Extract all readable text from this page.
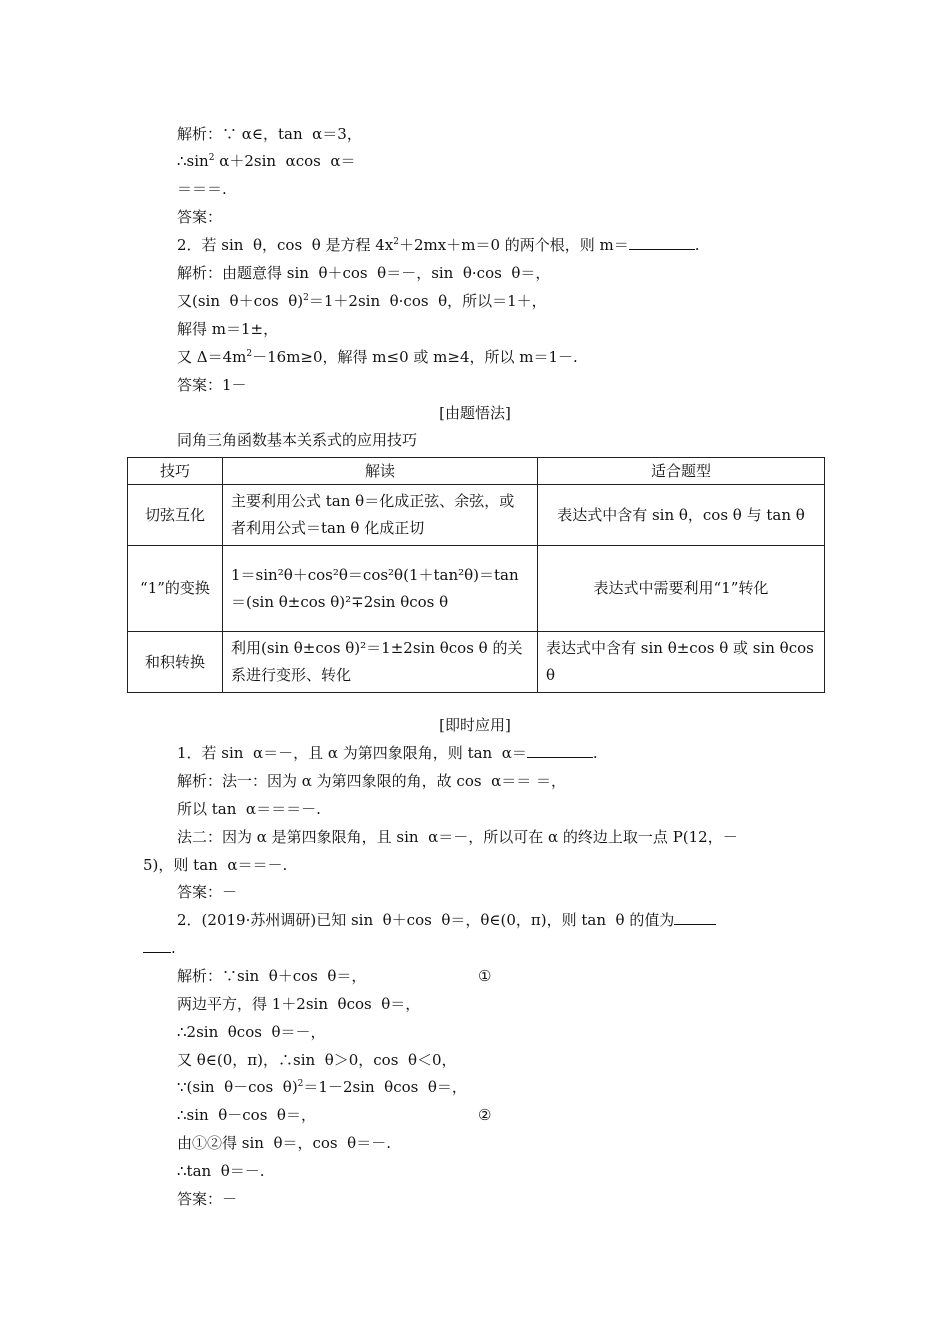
解析：∵ α∈，tan  α＝3，
$\therefore\sin^2$ α＋2sin  αcos  α＝
＝＝＝.
答案：
2．若 sin  θ，cos  θ 是方程 $4x^2+2mx+m=0$ 的两个根，则 m＝	.
解析：由题意得 sin  θ＋cos  θ＝－，sin  θ·cos  θ＝，
又(sin  θ＋cos  θ)$^2$＝1＋2sin  θ·cos  θ，所以＝1＋，
解得 m＝1±，
又 $\Delta=4m^2-16m\ge 0$，解得 m≤0 或 m≥4，所以 m＝1－.
答案：1－
[由题悟法]
同角三角函数基本关系式的应用技巧
技巧	解读	适合题型
切弦互化	主要利用公式 tan θ＝化成正弦、余弦，或者利用公式＝tan θ 化成正切	表达式中含有 sin θ，cos θ 与 tan θ
“1”的变换	1＝sin²θ＋cos²θ＝cos²θ(1＋tan²θ)＝tan＝(sin θ±cos θ)²∓2sin θcos θ	表达式中需要利用“1”转化
和积转换	利用(sin θ±cos θ)²＝1±2sin θcos θ 的关系进行变形、转化	表达式中含有 sin θ±cos θ 或 sin θcos θ
[即时应用]
1．若 sin  α＝－，且 α 为第四象限角，则 tan  α＝	.
解析：法一：因为 α 为第四象限的角，故 cos  α＝＝ ＝，
所以 tan  α＝＝＝－.
法二：因为 α 是第四象限角，且 sin  α＝－，所以可在 α 的终边上取一点 P(12，－
5)，则 tan  α＝＝－.
答案：－
2．(2019·苏州调研)已知 sin  θ＋cos  θ＝，θ∈(0，π)，则 tan  θ 的值为
.
解析：∵sin  θ＋cos  θ＝，	①
两边平方，得 1＋2sin  θcos  θ＝，
∴2sin  θcos  θ＝－，
又 θ∈(0，π)，∴sin  θ＞0，cos  θ＜0，
∵(sin  θ－cos  θ)$^2$＝1－2sin  θcos  θ＝，
∴sin  θ－cos  θ＝，	②
由①②得 sin  θ＝，cos  θ＝－.
∴tan  θ＝－.
答案：－
